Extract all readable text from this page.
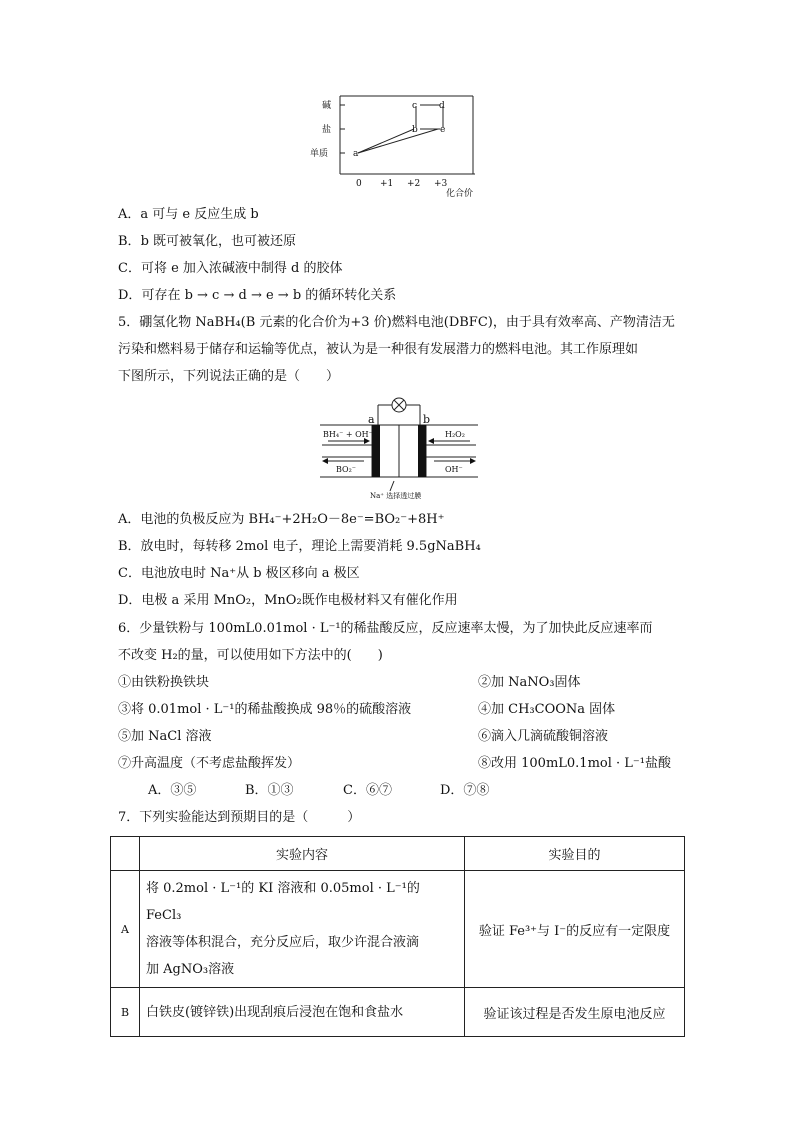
碱
盐
单质	a
b
c d
e
0 +1 +2 +3
化合价
A．a 可与 e 反应生成 b
B．b 既可被氧化，也可被还原
C．可将 e 加入浓碱液中制得 d 的胶体
D．可存在 b → c → d → e → b 的循环转化关系
5．硼氢化物 NaBH₄(B 元素的化合价为+3 价)燃料电池(DBFC)，由于具有效率高、产物清洁无
污染和燃料易于储存和运输等优点，被认为是一种很有发展潜力的燃料电池。其工作原理如
下图所示，下列说法正确的是（　　）
a	b
BH₄⁻ + OH⁻
BO₂⁻
H₂O₂
OH⁻
Na⁺ 选择透过膜
A．电池的负极反应为 BH₄⁻+2H₂O－8e⁻=BO₂⁻+8H⁺
B．放电时，每转移 2mol 电子，理论上需要消耗 9.5gNaBH₄
C．电池放电时 Na⁺从 b 极区移向 a 极区
D．电极 a 采用 MnO₂，MnO₂既作电极材料又有催化作用
6．少量铁粉与 100mL0.01mol · L⁻¹的稀盐酸反应，反应速率太慢，为了加快此反应速率而
不改变 H₂的量，可以使用如下方法中的(　　)
①由铁粉换铁块	②加 NaNO₃固体
③将 0.01mol · L⁻¹的稀盐酸换成 98％的硫酸溶液	④加 CH₃COONa 固体
⑤加 NaCl 溶液	⑥滴入几滴硫酸铜溶液
⑦升高温度（不考虑盐酸挥发）	⑧改用 100mL0.1mol · L⁻¹盐酸
A．③⑤	B．①③	C．⑥⑦	D．⑦⑧
7．下列实验能达到预期目的是（　　　）
	实验内容	实验目的
A	将 0.2mol · L⁻¹的 KI 溶液和 0.05mol · L⁻¹的 FeCl₃
溶液等体积混合，充分反应后，取少许混合液滴
加 AgNO₃溶液	验证 Fe³⁺与 I⁻的反应有一定限度
B	白铁皮(镀锌铁)出现刮痕后浸泡在饱和食盐水	验证该过程是否发生原电池反应
